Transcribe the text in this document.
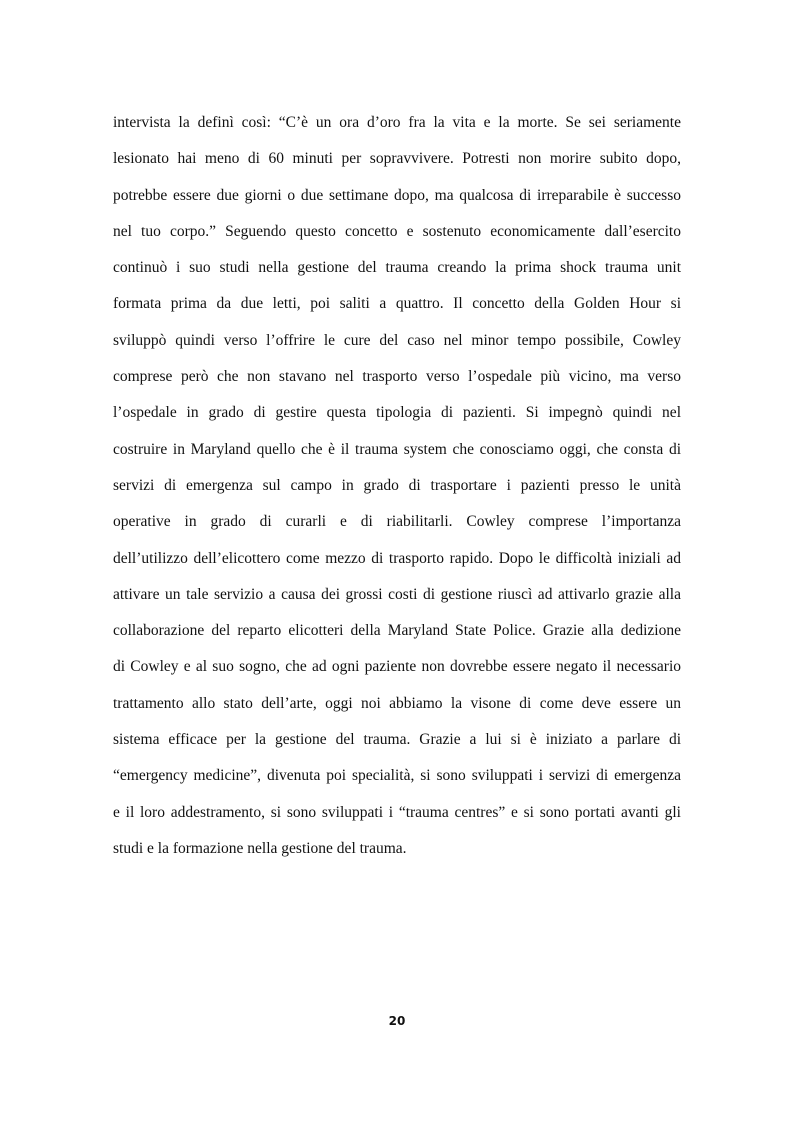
intervista la definì così: “C’è un ora d’oro fra la vita e la morte. Se sei seriamente
lesionato hai meno di 60 minuti per sopravvivere. Potresti non morire subito dopo,
potrebbe essere due giorni o due settimane dopo, ma qualcosa di irreparabile è successo
nel tuo corpo.” Seguendo questo concetto e sostenuto economicamente dall’esercito
continuò i suo studi nella gestione del trauma creando la prima shock trauma unit
formata prima da due letti, poi saliti a quattro. Il concetto della Golden Hour si
sviluppò quindi verso l’offrire le cure del caso nel minor tempo possibile, Cowley
comprese però che non stavano nel trasporto verso l’ospedale più vicino, ma verso
l’ospedale in grado di gestire questa tipologia di pazienti. Si impegnò quindi nel
costruire in Maryland quello che è il trauma system che conosciamo oggi, che consta di
servizi di emergenza sul campo in grado di trasportare i pazienti presso le unità
operative in grado di curarli e di riabilitarli. Cowley comprese l’importanza
dell’utilizzo dell’elicottero come mezzo di trasporto rapido. Dopo le difficoltà iniziali ad
attivare un tale servizio a causa dei grossi costi di gestione riuscì ad attivarlo grazie alla
collaborazione del reparto elicotteri della Maryland State Police. Grazie alla dedizione
di Cowley e al suo sogno, che ad ogni paziente non dovrebbe essere negato il necessario
trattamento allo stato dell’arte, oggi noi abbiamo la visone di come deve essere un
sistema efficace per la gestione del trauma. Grazie a lui si è iniziato a parlare di
“emergency medicine”, divenuta poi specialità, si sono sviluppati i servizi di emergenza
e il loro addestramento, si sono sviluppati i “trauma centres” e si sono portati avanti gli
studi e la formazione nella gestione del trauma.
20
